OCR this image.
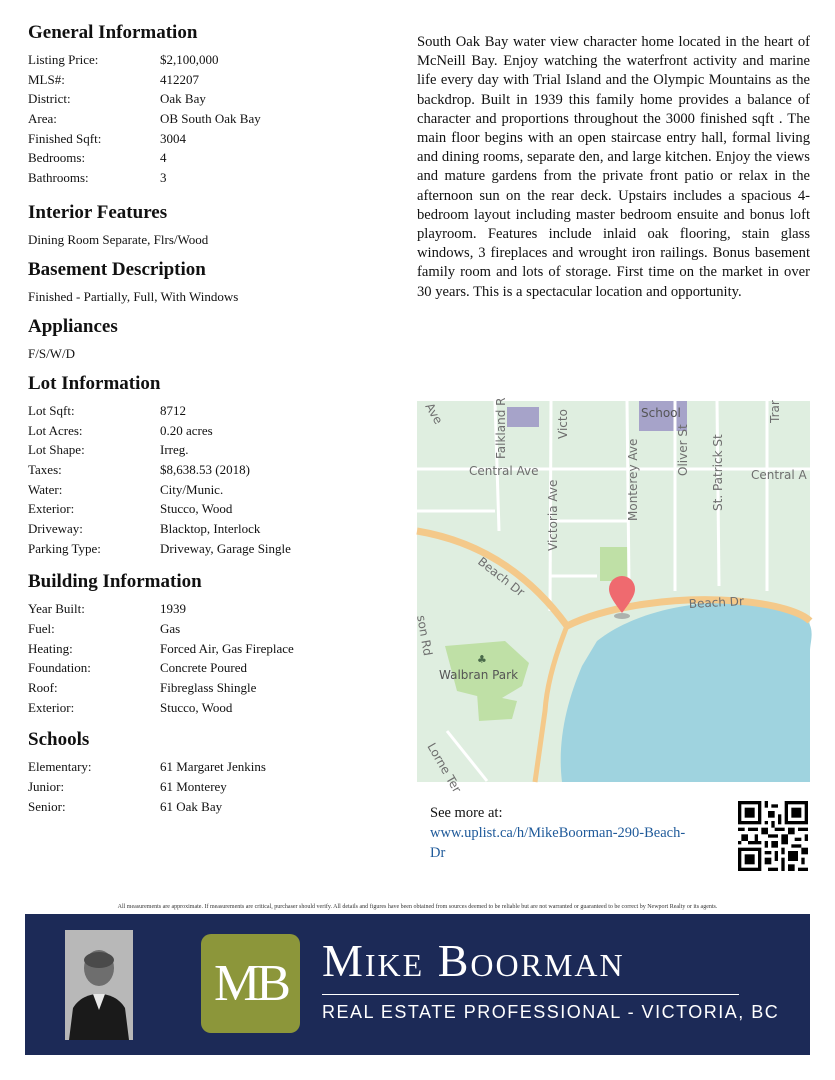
General Information
Listing Price:	$2,100,000
MLS#:	412207
District:	Oak Bay
Area:	OB South Oak Bay
Finished Sqft:	3004
Bedrooms:	4
Bathrooms:	3
Interior Features
Dining Room Separate, Flrs/Wood
Basement Description
Finished - Partially, Full, With Windows
Appliances
F/S/W/D
Lot Information
Lot Sqft:	8712
Lot Acres:	0.20 acres
Lot Shape:	Irreg.
Taxes:	$8,638.53 (2018)
Water:	City/Munic.
Exterior:	Stucco, Wood
Driveway:	Blacktop, Interlock
Parking Type:	Driveway, Garage Single
Building Information
Year Built:	1939
Fuel:	Gas
Heating:	Forced Air, Gas Fireplace
Foundation:	Concrete Poured
Roof:	Fibreglass Shingle
Exterior:	Stucco, Wood
Schools
Elementary:	61 Margaret Jenkins
Junior:	61 Monterey
Senior:	61 Oak Bay
South Oak Bay water view character home located in the heart of McNeill Bay. Enjoy watching the waterfront activity and marine life every day with Trial Island and the Olympic Mountains as the backdrop. Built in 1939 this family home provides a balance of character and proportions throughout the 3000 finished sqft . The main floor begins with an open staircase entry hall, formal living and dining rooms, separate den, and large kitchen. Enjoy the views and mature gardens from the private front patio or relax in the afternoon sun on the rear deck. Upstairs includes a spacious 4-bedroom layout including master bedroom ensuite and bonus loft playroom. Features include inlaid oak flooring, stain glass windows, 3 fireplaces and wrought iron railings. Bonus basement family room and lots of storage. First time on the market in over 30 years. This is a spectacular location and opportunity.
♣
School
Central Ave	Central A
Beach Dr
Beach Dr
Walbran Park
Victoria Ave	Monterey Ave	Oliver St St. Patrick St
Falkland R
Lorne Ter
son Rd
Ave	Trar
Victo
See more at:
www.uplist.ca/h/MikeBoorman-290-Beach-
Dr
All measurements are approximate. If measurements are critical, purchaser should verify. All details and figures have been obtained from sources deemed to be reliable but are not warranted or guaranteed to be correct by Newport Realty or its agents.
MB Mike Boorman
REAL ESTATE PROFESSIONAL - VICTORIA, BC
